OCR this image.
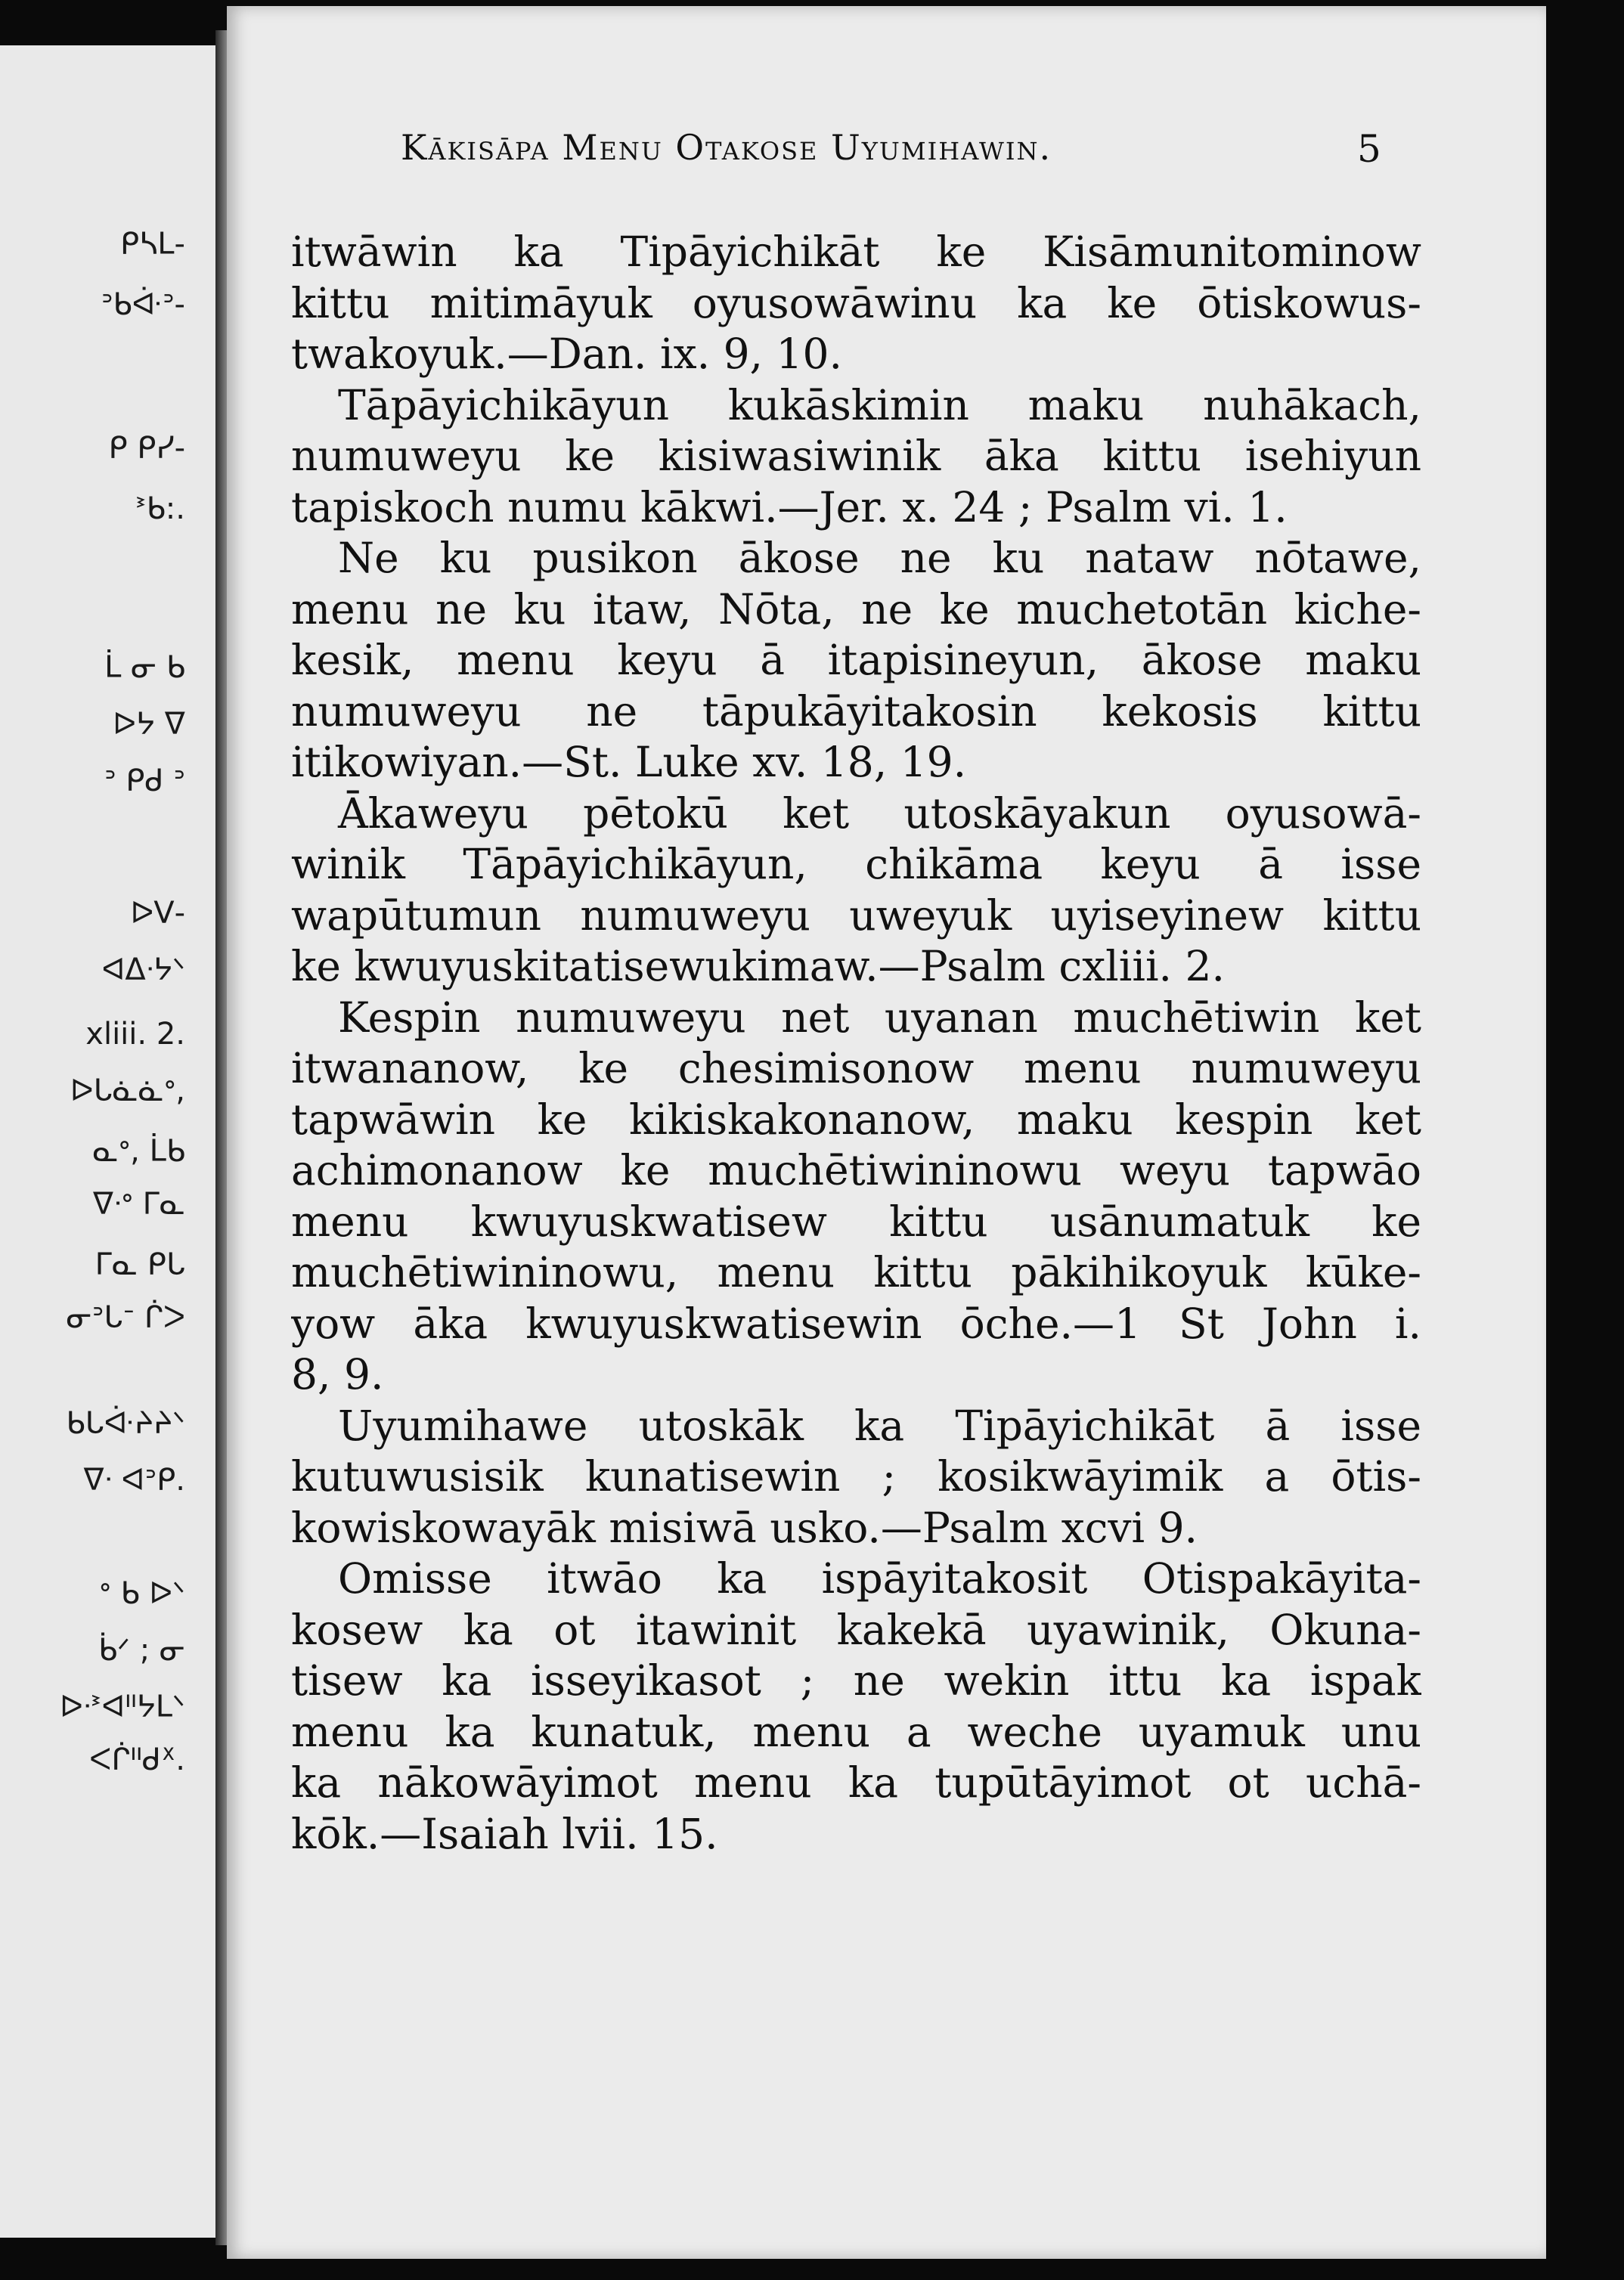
ᑭᓴᒪ-
ᐣᑲᐚᐣ-
ᑭ ᑭᓯ-
ᕑᑲ:.
ᒫ ᓂ ᑲ
ᐅᔭ ᐁ
ᐣ ᑭᑯ ᐣ
ᐅᐯ-
ᐊᐃᐧᔭᐠ
xliii. 2.
ᐅᒐᓈᓈᐤ,
ᓇᐤ, ᒫᑲ
ᐁᐧᐤ ᒥᓇ
ᒥᓇ ᑭᒐ
ᓂᐣᒐᐨ ᒌᐳ
ᑲᒐᐚᔨᔨᐠ
ᐁᐧ ᐊᐣᑭ.
ᐤ ᑲ ᐅᐠ
ᑳᐟ ; ᓂ
ᐅᐧᕑᐊᐦᔭᒪᐠ
ᐸᒌᐦᑯᕽ.
Kākisāpa Menu Otakose Uyumihawin.	5
itwāwin ka Tipāyichikāt ke Kisāmunitominow
kittu mitimāyuk oyusowāwinu ka ke ōtiskowus-
twakoyuk.—Dan. ix. 9, 10.
Tāpāyichikāyun kukāskimin maku nuhākach,
numuweyu ke kisiwasiwinik āka kittu isehiyun
tapiskoch numu kākwi.—Jer. x. 24 ; Psalm vi. 1.
Ne ku pusikon ākose ne ku nataw nōtawe,
menu ne ku itaw, Nōta, ne ke muchetotān kiche-
kesik, menu keyu ā itapisineyun, ākose maku
numuweyu ne tāpukāyitakosin kekosis kittu
itikowiyan.—St. Luke xv. 18, 19.
Ākaweyu pētokū ket utoskāyakun oyusowā-
winik Tāpāyichikāyun, chikāma keyu ā isse
wapūtumun numuweyu uweyuk uyiseyinew kittu
ke kwuyuskitatisewukimaw.—Psalm cxliii. 2.
Kespin numuweyu net uyanan muchētiwin ket
itwananow, ke chesimisonow menu numuweyu
tapwāwin ke kikiskakonanow, maku kespin ket
achimonanow ke muchētiwininowu weyu tapwāo
menu kwuyuskwatisew kittu usānumatuk ke
muchētiwininowu, menu kittu pākihikoyuk kūke-
yow āka kwuyuskwatisewin ōche.—1 St John i.
8, 9.
Uyumihawe utoskāk ka Tipāyichikāt ā isse
kutuwusisik kunatisewin ; kosikwāyimik a ōtis-
kowiskowayāk misiwā usko.—Psalm xcvi 9.
Omisse itwāo ka ispāyitakosit Otispakāyita-
kosew ka ot itawinit kakekā uyawinik, Okuna-
tisew ka isseyikasot ; ne wekin ittu ka ispak
menu ka kunatuk, menu a weche uyamuk unu
ka nākowāyimot menu ka tupūtāyimot ot uchā-
kōk.—Isaiah lvii. 15.
